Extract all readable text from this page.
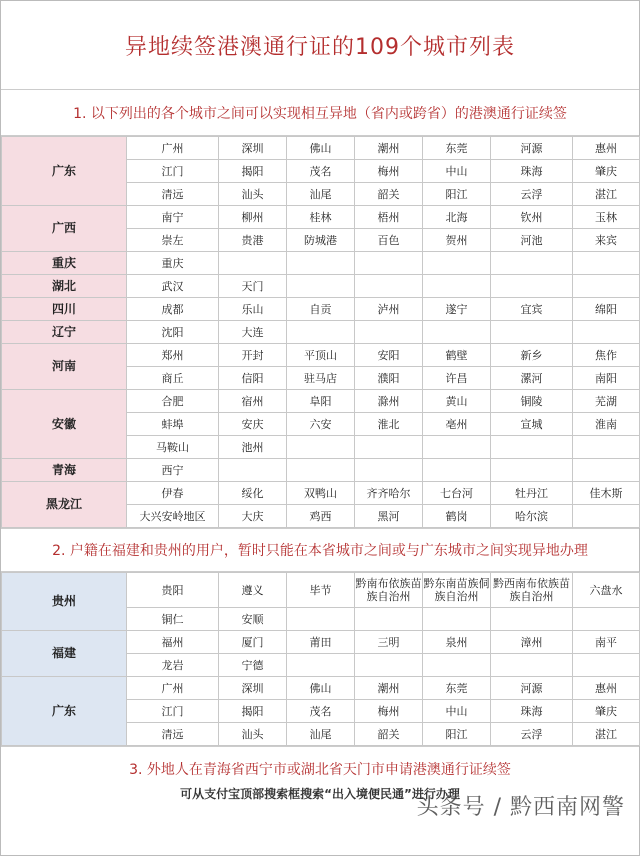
异地续签港澳通行证的109个城市列表
1. 以下列出的各个城市之间可以实现相互异地（省内或跨省）的港澳通行证续签
广东	广州	深圳	佛山	潮州	东莞	河源	惠州
	江门	揭阳	茂名	梅州	中山	珠海	肇庆
	清远	汕头	汕尾	韶关	阳江	云浮	湛江
广西	南宁	柳州	桂林	梧州	北海	钦州	玉林
	崇左	贵港	防城港	百色	贺州	河池	来宾
重庆	重庆						
湖北	武汉	天门					
四川	成都	乐山	自贡	泸州	遂宁	宜宾	绵阳
辽宁	沈阳	大连					
河南	郑州	开封	平顶山	安阳	鹤壁	新乡	焦作
	商丘	信阳	驻马店	濮阳	许昌	漯河	南阳
安徽	合肥	宿州	阜阳	滁州	黄山	铜陵	芜湖
	蚌埠	安庆	六安	淮北	亳州	宣城	淮南
	马鞍山	池州					
青海	西宁						
黑龙江	伊春	绥化	双鸭山	齐齐哈尔	七台河	牡丹江	佳木斯
	大兴安岭地区	大庆	鸡西	黑河	鹤岗	哈尔滨	
2. 户籍在福建和贵州的用户，暂时只能在本省城市之间或与广东城市之间实现异地办理
贵州	贵阳	遵义	毕节	黔南布依族苗族自治州	黔东南苗族侗族自治州	黔西南布依族苗族自治州	六盘水
	铜仁	安顺					
福建	福州	厦门	莆田	三明	泉州	漳州	南平
	龙岩	宁德					
广东	广州	深圳	佛山	潮州	东莞	河源	惠州
	江门	揭阳	茂名	梅州	中山	珠海	肇庆
	清远	汕头	汕尾	韶关	阳江	云浮	湛江
3. 外地人在青海省西宁市或湖北省天门市申请港澳通行证续签
可从支付宝顶部搜索框搜索“出入境便民通”进行办理
头条号 / 黔西南网警
